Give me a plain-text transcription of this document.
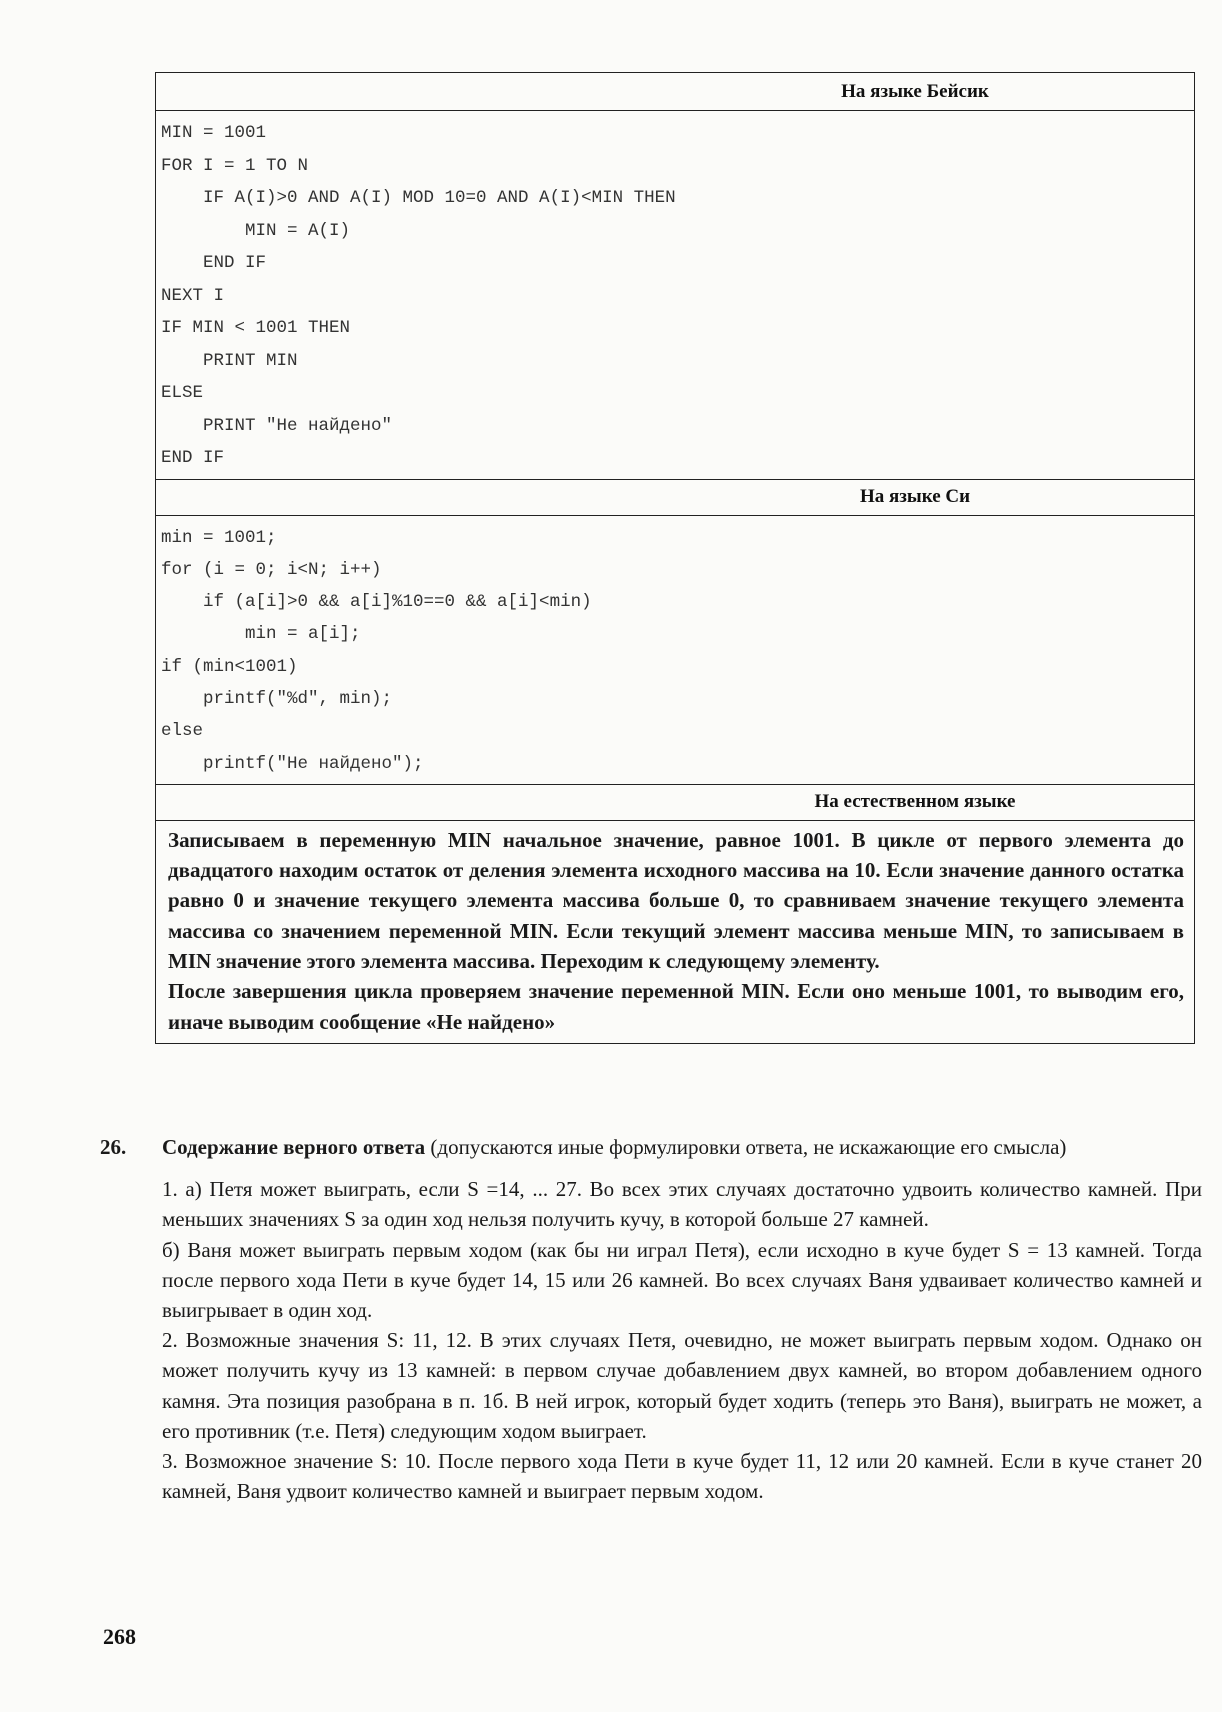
На языке Бейсик
MIN = 1001
FOR I = 1 TO N
IF A(I)>0 AND A(I) MOD 10=0 AND A(I)<MIN THEN
MIN = A(I)
END IF
NEXT I
IF MIN < 1001 THEN
PRINT MIN
ELSE
PRINT "Не найдено"
END IF
На языке Си
min = 1001;
for (i = 0; i<N; i++)
if (a[i]>0 && a[i]%10==0 && a[i]<min)
min = a[i];
if (min<1001)
printf("%d", min);
else
printf("Не найдено");
На естественном языке

Записываем в переменную MIN начальное значение, равное 1001. В цикле от первого элемента до двадцатого находим остаток от деления элемента исходного массива на 10. Если значение данного остатка равно 0 и значение текущего элемента массива больше 0, то сравниваем значение текущего элемента массива со значением переменной MIN. Если текущий элемент массива меньше MIN, то записываем в MIN значение этого элемента массива. Переходим к следующему элементу.

После завершения цикла проверяем значение переменной MIN. Если оно меньше 1001, то выводим его, иначе выводим сообщение «Не найдено»

26.	Содержание верного ответа (допускаются иные формулировки ответа, не искажающие его смысла)

1. а) Петя может выиграть, если S =14, ... 27. Во всех этих случаях достаточно удвоить количество камней. При меньших значениях S за один ход нельзя получить кучу, в которой больше 27 камней.

б) Ваня может выиграть первым ходом (как бы ни играл Петя), если исходно в куче будет S = 13 камней. Тогда после первого хода Пети в куче будет 14, 15 или 26 камней. Во всех случаях Ваня удваивает количество камней и выигрывает в один ход.

2. Возможные значения S: 11, 12. В этих случаях Петя, очевидно, не может выиграть первым ходом. Однако он может получить кучу из 13 камней: в первом случае добавлением двух камней, во втором добавлением одного камня. Эта позиция разобрана в п. 1б. В ней игрок, который будет ходить (теперь это Ваня), выиграть не может, а его противник (т.е. Петя) следующим ходом выиграет.

3. Возможное значение S: 10. После первого хода Пети в куче будет 11, 12 или 20 камней. Если в куче станет 20 камней, Ваня удвоит количество камней и выиграет первым ходом.

268
